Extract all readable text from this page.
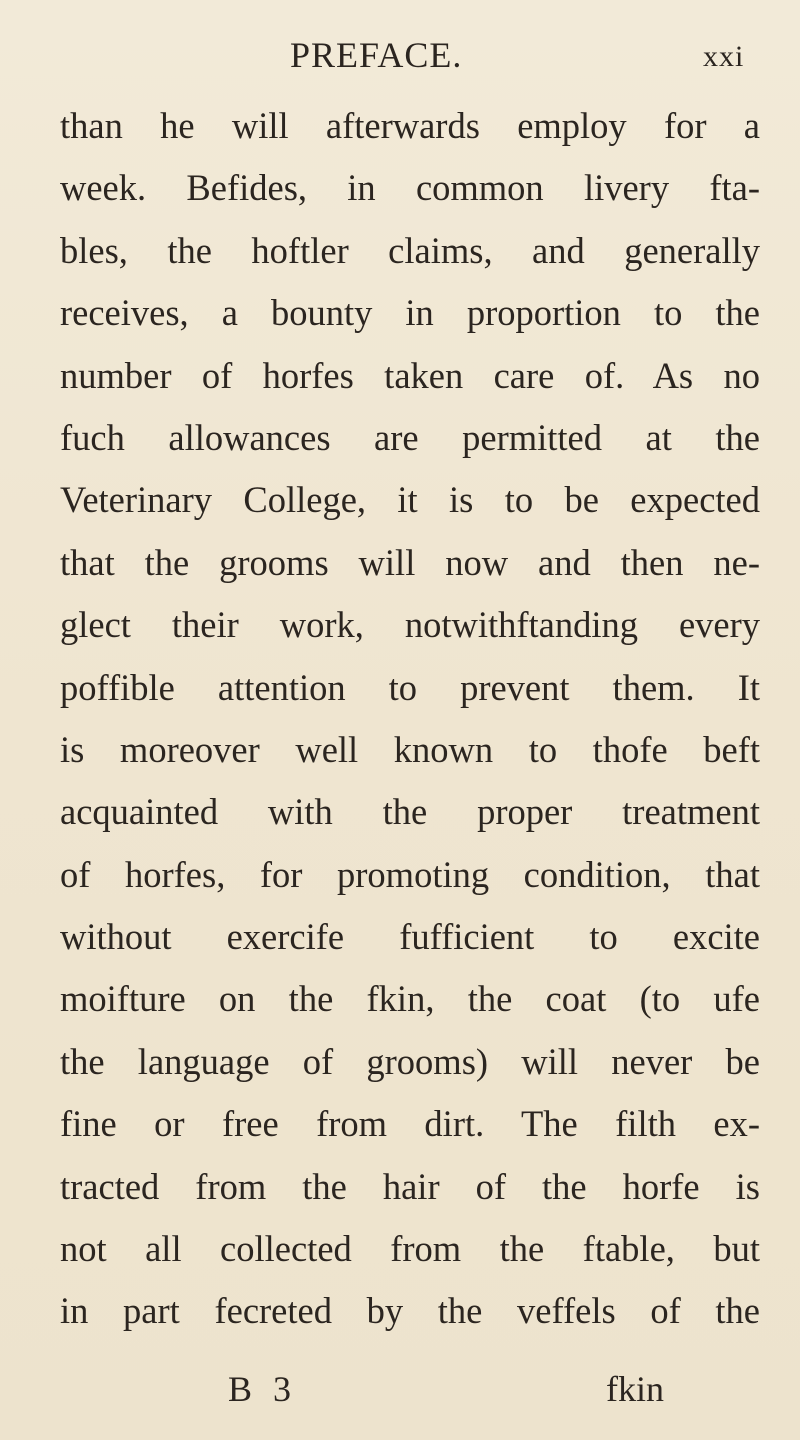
PREFACE.	xxi
than he will afterwards employ for a
week. Befides, in common livery fta-
bles, the hoftler claims, and generally
receives, a bounty in proportion to the
number of horfes taken care of. As no
fuch allowances are permitted at the
Veterinary College, it is to be expected
that the grooms will now and then ne-
glect their work, notwithftanding every
poffible attention to prevent them. It
is moreover well known to thofe beft
acquainted with the proper treatment
of horfes, for promoting condition, that
without exercife fufficient to excite
moifture on the fkin, the coat (to ufe
the language of grooms) will never be
fine or free from dirt. The filth ex-
tracted from the hair of the horfe is
not all collected from the ftable, but
in part fecreted by the veffels of the
B 3	fkin
